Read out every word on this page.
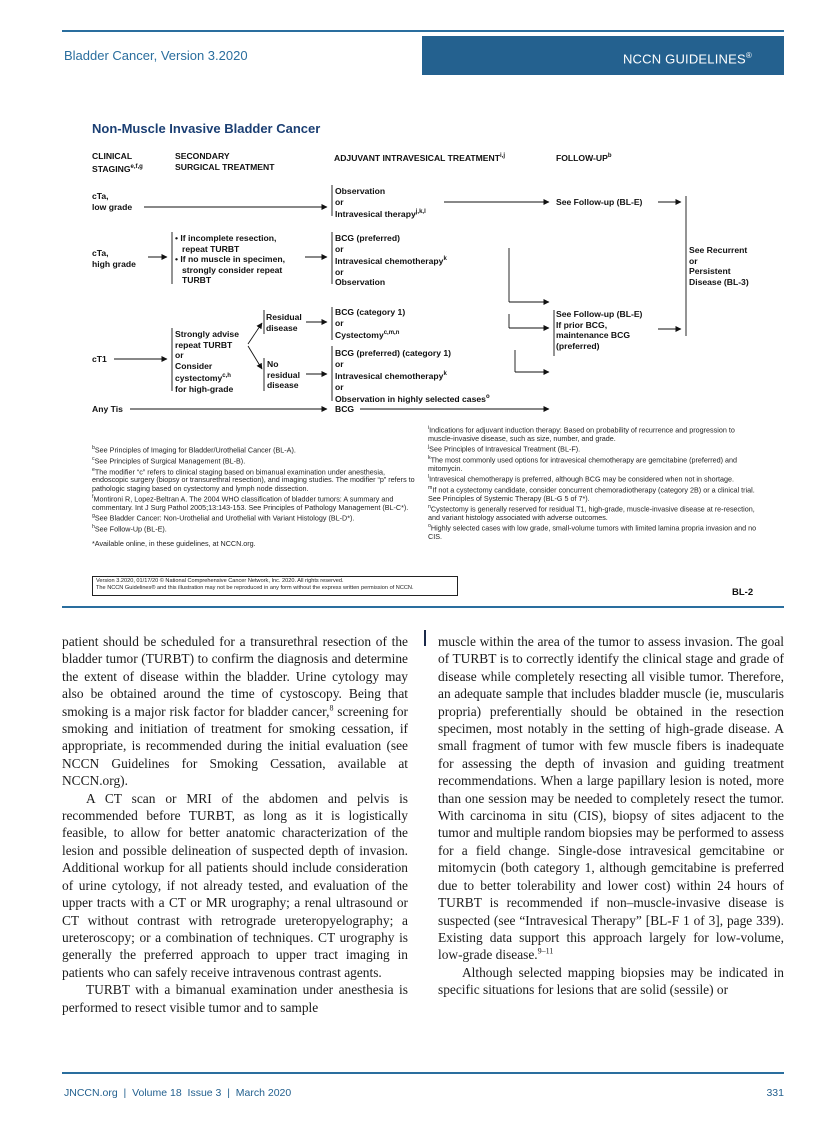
Bladder Cancer, Version 3.2020	NCCN GUIDELINES®
Non-Muscle Invasive Bladder Cancer
CLINICAL
STAGING$^{e,f,g}$
SECONDARY
SURGICAL TREATMENT
ADJUVANT INTRAVESICAL TREATMENT$^{i,j}$	FOLLOW-$UP^b$
cTa,
low grade
cTa,
high grade
cT1
Any Tis
Observation
or
Intravesical therapy$^{j,k,l}$
• If incomplete resection,
repeat TURBT
• If no muscle in specimen,
strongly consider repeat
TURBT
BCG (preferred)
or
Intravesical chemotherapy$^k$
or
Observation
Strongly advise
repeat TURBT
or
Consider
cystectomy$^{c,h}$
for high-grade
Residual
disease
No
residual
disease
BCG (category 1)
or
Cystectomy$^{c,m,n}$
BCG (preferred) (category 1)
or
Intravesical chemotherapy$^k$
or
Observation in highly selected cases$^o$
BCG
See Follow-up (BL-E)
See Follow-up (BL-E)
If prior BCG,
maintenance BCG
(preferred)
See Recurrent
or
Persistent
Disease (BL-3)
$^b$See Principles of Imaging for Bladder/Urothelial Cancer (BL-A).
$^c$See Principles of Surgical Management (BL-B).
$^e$The modifier “c” refers to clinical staging based on bimanual examination under anesthesia, endoscopic surgery (biopsy or transurethral resection), and imaging studies. The modifier “p” refers to pathologic staging based on cystectomy and lymph node dissection.
$^f$Montironi R, Lopez-Beltran A. The 2004 WHO classification of bladder tumors: A summary and commentary. Int J Surg Pathol 2005;13:143-153. See Principles of Pathology Management (BL-C*).
$^g$See Bladder Cancer: Non-Urothelial and Urothelial with Variant Histology (BL-D*).
$^h$See Follow-Up (BL-E).
*Available online, in these guidelines, at NCCN.org.
$^i$Indications for adjuvant induction therapy: Based on probability of recurrence and progression to muscle-invasive disease, such as size, number, and grade.
$^j$See Principles of Intravesical Treatment (BL-F).
$^k$The most commonly used options for intravesical chemotherapy are gemcitabine (preferred) and mitomycin.
$^l$Intravesical chemotherapy is preferred, although BCG may be considered when not in shortage.
$^m$If not a cystectomy candidate, consider concurrent chemoradiotherapy (category 2B) or a clinical trial. See Principles of Systemic Therapy (BL-G 5 of 7*).
$^n$Cystectomy is generally reserved for residual T1, high-grade, muscle-invasive disease at re-resection, and variant histology associated with adverse outcomes.
$^o$Highly selected cases with low grade, small-volume tumors with limited lamina propria invasion and no CIS.
Version 3.2020, 01/17/20 © National Comprehensive Cancer Network, Inc. 2020. All rights reserved.
The NCCN Guidelines® and this illustration may not be reproduced in any form without the express written permission of NCCN.	BL-2

patient should be scheduled for a transurethral resection of the bladder tumor (TURBT) to confirm the diagnosis and determine the extent of disease within the bladder. Urine cytology may also be obtained around the time of cystoscopy. Being that smoking is a major risk factor for bladder cancer,$^8$ screening for smoking and initiation of treatment for smoking cessation, if appropriate, is recommended during the initial evaluation (see NCCN Guidelines for Smoking Cessation, available at NCCN.org).

A CT scan or MRI of the abdomen and pelvis is recommended before TURBT, as long as it is logistically feasible, to allow for better anatomic characterization of the lesion and possible delineation of suspected depth of invasion. Additional workup for all patients should include consideration of urine cytology, if not already tested, and evaluation of the upper tracts with a CT or MR urography; a renal ultrasound or CT without contrast with retrograde ureteropyelography; a ureteroscopy; or a combination of techniques. CT urography is generally the preferred approach to upper tract imaging in patients who can safely receive intravenous contrast agents.

TURBT with a bimanual examination under anesthesia is performed to resect visible tumor and to sample

muscle within the area of the tumor to assess invasion. The goal of TURBT is to correctly identify the clinical stage and grade of disease while completely resecting all visible tumor. Therefore, an adequate sample that includes bladder muscle (ie, muscularis propria) preferentially should be obtained in the resection specimen, most notably in the setting of high-grade disease. A small fragment of tumor with few muscle fibers is inadequate for assessing the depth of invasion and guiding treatment recommendations. When a large papillary lesion is noted, more than one session may be needed to completely resect the tumor. With carcinoma in situ (CIS), biopsy of sites adjacent to the tumor and multiple random biopsies may be performed to assess for a field change. Single-dose intravesical gemcitabine or mitomycin (both category 1, although gemcitabine is preferred due to better tolerability and lower cost) within 24 hours of TURBT is recommended if non–muscle-invasive disease is suspected (see “Intravesical Therapy” [BL-F 1 of 3], page 339). Existing data support this approach largely for low-volume, low-grade disease.$^{9-11}$

Although selected mapping biopsies may be indicated in specific situations for lesions that are solid (sessile) or

JNCCN.org  |  Volume 18  Issue 3  |  March 2020	331
